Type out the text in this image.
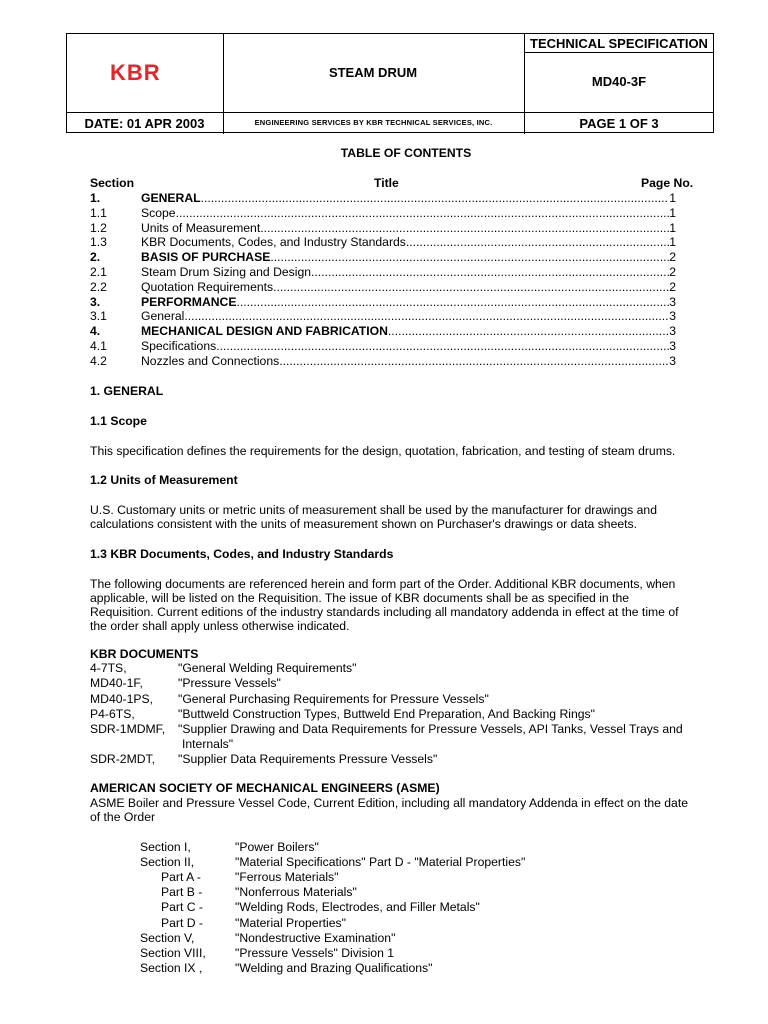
KBR	STEAM DRUM
TECHNICAL SPECIFICATION
MD40-3F
DATE: 01 APR 2003	ENGINEERING SERVICES BY KBR TECHNICAL SERVICES, INC.	PAGE 1 OF 3
TABLE OF CONTENTS
Section	Title	Page No.
1.	GENERAL .....	1
1.1	Scope .....	1
1.2	Units of Measurement .....	1
1.3	KBR Documents, Codes, and Industry Standards .....	1
2.	BASIS OF PURCHASE .....	2
2.1	Steam Drum Sizing and Design .....	2
2.2	Quotation Requirements .....	2
3.	PERFORMANCE .....	3
3.1	General .....	3
4.	MECHANICAL DESIGN AND FABRICATION .....	3
4.1	Specifications .....	3
4.2	Nozzles and Connections .....	3
1. GENERAL
1.1 Scope
This specification defines the requirements for the design, quotation, fabrication, and testing of steam drums.
1.2 Units of Measurement
U.S. Customary units or metric units of measurement shall be used by the manufacturer for drawings and
calculations consistent with the units of measurement shown on Purchaser's drawings or data sheets.
1.3 KBR Documents, Codes, and Industry Standards
The following documents are referenced herein and form part of the Order. Additional KBR documents, when
applicable, will be listed on the Requisition. The issue of KBR documents shall be as specified in the
Requisition. Current editions of the industry standards including all mandatory addenda in effect at the time of
the order shall apply unless otherwise indicated.
KBR DOCUMENTS
4-7TS,	"General Welding Requirements"
MD40-1F,	"Pressure Vessels"
MD40-1PS, "General Purchasing Requirements for Pressure Vessels"
P4-6TS,	"Buttweld Construction Types, Buttweld End Preparation, And Backing Rings"
SDR-1MDMF, "Supplier Drawing and Data Requirements for Pressure Vessels, API Tanks, Vessel Trays and
Internals"
SDR-2MDT, "Supplier Data Requirements Pressure Vessels"
AMERICAN SOCIETY OF MECHANICAL ENGINEERS (ASME)
ASME Boiler and Pressure Vessel Code, Current Edition, including all mandatory Addenda in effect on the date
of the Order
Section I,	"Power Boilers"
Section II,	"Material Specifications" Part D - "Material Properties"
Part A -	"Ferrous Materials"
Part B -	"Nonferrous Materials"
Part C -	"Welding Rods, Electrodes, and Filler Metals"
Part D -	"Material Properties"
Section V,	"Nondestructive Examination"
Section VIII, "Pressure Vessels" Division 1
Section IX ,	"Welding and Brazing Qualifications"
